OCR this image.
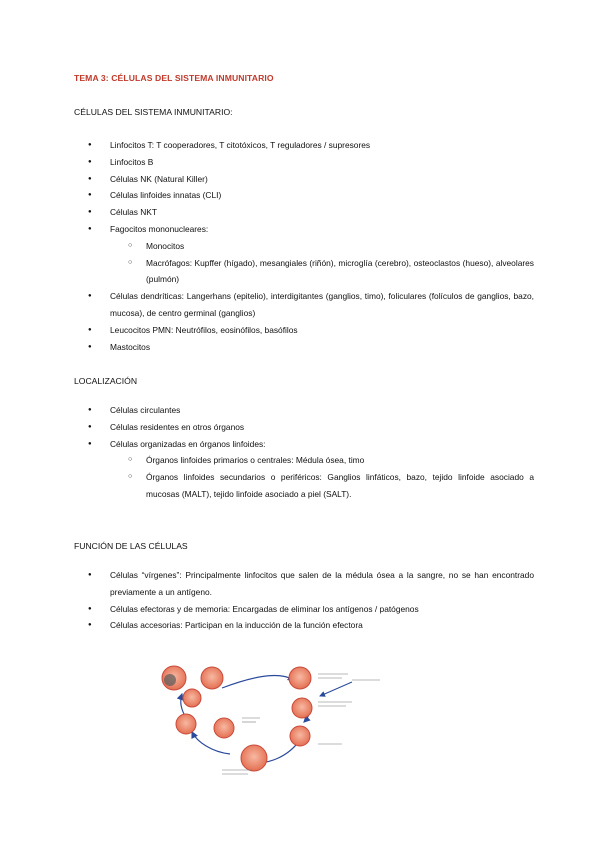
TEMA 3: CÉLULAS DEL SISTEMA INMUNITARIO
CÉLULAS DEL SISTEMA INMUNITARIO:
● Linfocitos T: T cooperadores, T citotóxicos, T reguladores / supresores
● Linfocitos B
● Células NK (Natural Killer)
● Células linfoides innatas (CLI)
● Células NKT
● Fagocitos mononucleares:
○ Monocitos
○ Macrófagos: Kupffer (hígado), mesangiales (riñón), microglía (cerebro), osteoclastos (hueso), alveolares (pulmón)
● Células dendríticas: Langerhans (epitelio), interdigitantes (ganglios, timo), foliculares (folículos de ganglios, bazo, mucosa), de centro germinal (ganglios)
● Leucocitos PMN: Neutrófilos, eosinófilos, basófilos
● Mastocitos
LOCALIZACIÓN
● Células circulantes
● Células residentes en otros órganos
● Células organizadas en órganos linfoides:
○ Órganos linfoides primarios o centrales: Médula ósea, timo
○ Órganos linfoides secundarios o periféricos: Ganglios linfáticos, bazo, tejido linfoide asociado a mucosas (MALT), tejido linfoide asociado a piel (SALT).
FUNCIÓN DE LAS CÉLULAS
● Células “vírgenes”: Principalmente linfocitos que salen de la médula ósea a la sangre, no se han encontrado previamente a un antígeno.
● Células efectoras y de memoria: Encargadas de eliminar los antígenos / patógenos
● Células accesorias: Participan en la inducción de la función efectora
